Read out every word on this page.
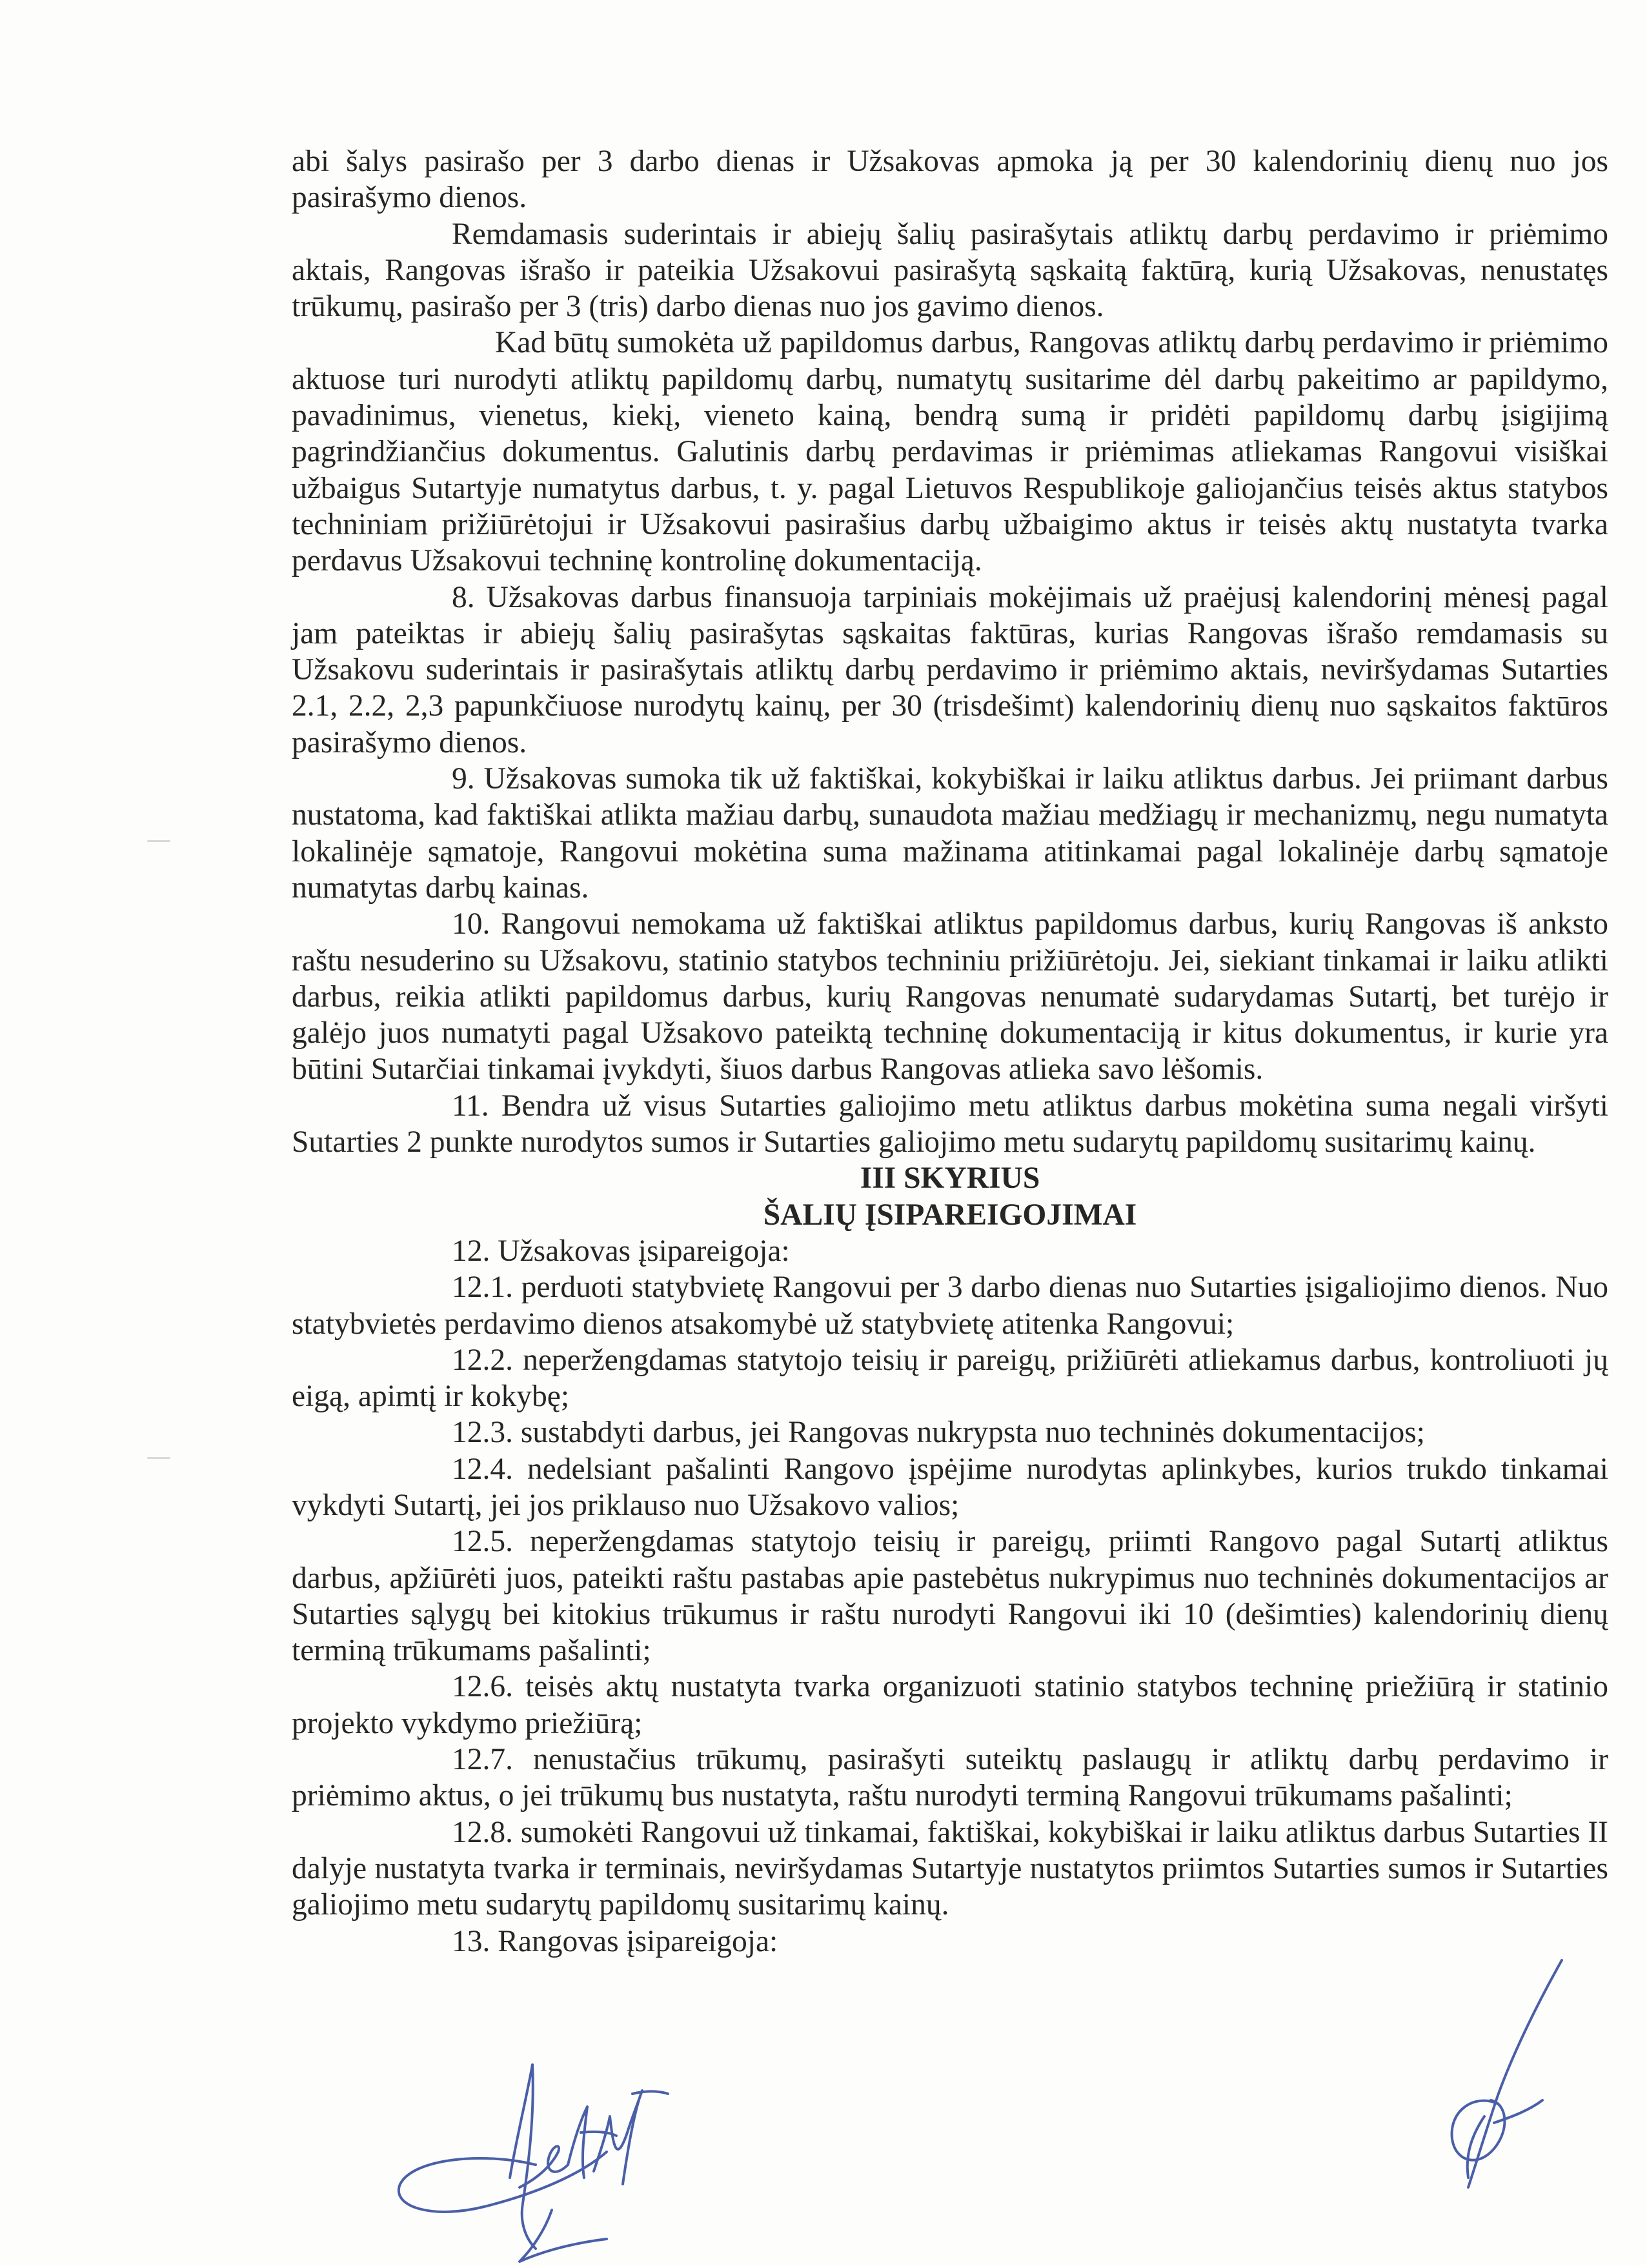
abi šalys pasirašo per 3 darbo dienas ir Užsakovas apmoka ją per 30 kalendorinių dienų nuo jos pasirašymo dienos.

Remdamasis suderintais ir abiejų šalių pasirašytais atliktų darbų perdavimo ir priėmimo aktais, Rangovas išrašo ir pateikia Užsakovui pasirašytą sąskaitą faktūrą, kurią Užsakovas, nenustatęs trūkumų, pasirašo per 3 (tris) darbo dienas nuo jos gavimo dienos.

Kad būtų sumokėta už papildomus darbus, Rangovas atliktų darbų perdavimo ir priėmimo aktuose turi nurodyti atliktų papildomų darbų, numatytų susitarime dėl darbų pakeitimo ar papildymo, pavadinimus, vienetus, kiekį, vieneto kainą, bendrą sumą ir pridėti papildomų darbų įsigijimą pagrindžiančius dokumentus. Galutinis darbų perdavimas ir priėmimas atliekamas Rangovui visiškai užbaigus Sutartyje numatytus darbus, t. y. pagal Lietuvos Respublikoje galiojančius teisės aktus statybos techniniam prižiūrėtojui ir Užsakovui pasirašius darbų užbaigimo aktus ir teisės aktų nustatyta tvarka perdavus Užsakovui techninę kontrolinę dokumentaciją.

8. Užsakovas darbus finansuoja tarpiniais mokėjimais už praėjusį kalendorinį mėnesį pagal jam pateiktas ir abiejų šalių pasirašytas sąskaitas faktūras, kurias Rangovas išrašo remdamasis su Užsakovu suderintais ir pasirašytais atliktų darbų perdavimo ir priėmimo aktais, neviršydamas Sutarties 2.1, 2.2, 2,3 papunkčiuose nurodytų kainų, per 30 (trisdešimt) kalendorinių dienų nuo sąskaitos faktūros pasirašymo dienos.

9. Užsakovas sumoka tik už faktiškai, kokybiškai ir laiku atliktus darbus. Jei priimant darbus nustatoma, kad faktiškai atlikta mažiau darbų, sunaudota mažiau medžiagų ir mechanizmų, negu numatyta lokalinėje sąmatoje, Rangovui mokėtina suma mažinama atitinkamai pagal lokalinėje darbų sąmatoje numatytas darbų kainas.

10. Rangovui nemokama už faktiškai atliktus papildomus darbus, kurių Rangovas iš anksto raštu nesuderino su Užsakovu, statinio statybos techniniu prižiūrėtoju. Jei, siekiant tinkamai ir laiku atlikti darbus, reikia atlikti papildomus darbus, kurių Rangovas nenumatė sudarydamas Sutartį, bet turėjo ir galėjo juos numatyti pagal Užsakovo pateiktą techninę dokumentaciją ir kitus dokumentus, ir kurie yra būtini Sutarčiai tinkamai įvykdyti, šiuos darbus Rangovas atlieka savo lėšomis.

11. Bendra už visus Sutarties galiojimo metu atliktus darbus mokėtina suma negali viršyti Sutarties 2 punkte nurodytos sumos ir Sutarties galiojimo metu sudarytų papildomų susitarimų kainų.

III SKYRIUS

ŠALIŲ ĮSIPAREIGOJIMAI

12. Užsakovas įsipareigoja:

12.1. perduoti statybvietę Rangovui per 3 darbo dienas nuo Sutarties įsigaliojimo dienos. Nuo statybvietės perdavimo dienos atsakomybė už statybvietę atitenka Rangovui;

12.2. neperžengdamas statytojo teisių ir pareigų, prižiūrėti atliekamus darbus, kontroliuoti jų eigą, apimtį ir kokybę;

12.3. sustabdyti darbus, jei Rangovas nukrypsta nuo techninės dokumentacijos;

12.4. nedelsiant pašalinti Rangovo įspėjime nurodytas aplinkybes, kurios trukdo tinkamai vykdyti Sutartį, jei jos priklauso nuo Užsakovo valios;

12.5. neperžengdamas statytojo teisių ir pareigų, priimti Rangovo pagal Sutartį atliktus darbus, apžiūrėti juos, pateikti raštu pastabas apie pastebėtus nukrypimus nuo techninės dokumentacijos ar Sutarties sąlygų bei kitokius trūkumus ir raštu nurodyti Rangovui iki 10 (dešimties) kalendorinių dienų terminą trūkumams pašalinti;

12.6. teisės aktų nustatyta tvarka organizuoti statinio statybos techninę priežiūrą ir statinio projekto vykdymo priežiūrą;

12.7. nenustačius trūkumų, pasirašyti suteiktų paslaugų ir atliktų darbų perdavimo ir priėmimo aktus, o jei trūkumų bus nustatyta, raštu nurodyti terminą Rangovui trūkumams pašalinti;

12.8. sumokėti Rangovui už tinkamai, faktiškai, kokybiškai ir laiku atliktus darbus Sutarties II dalyje nustatyta tvarka ir terminais, neviršydamas Sutartyje nustatytos priimtos Sutarties sumos ir Sutarties galiojimo metu sudarytų papildomų susitarimų kainų.

13. Rangovas įsipareigoja:
